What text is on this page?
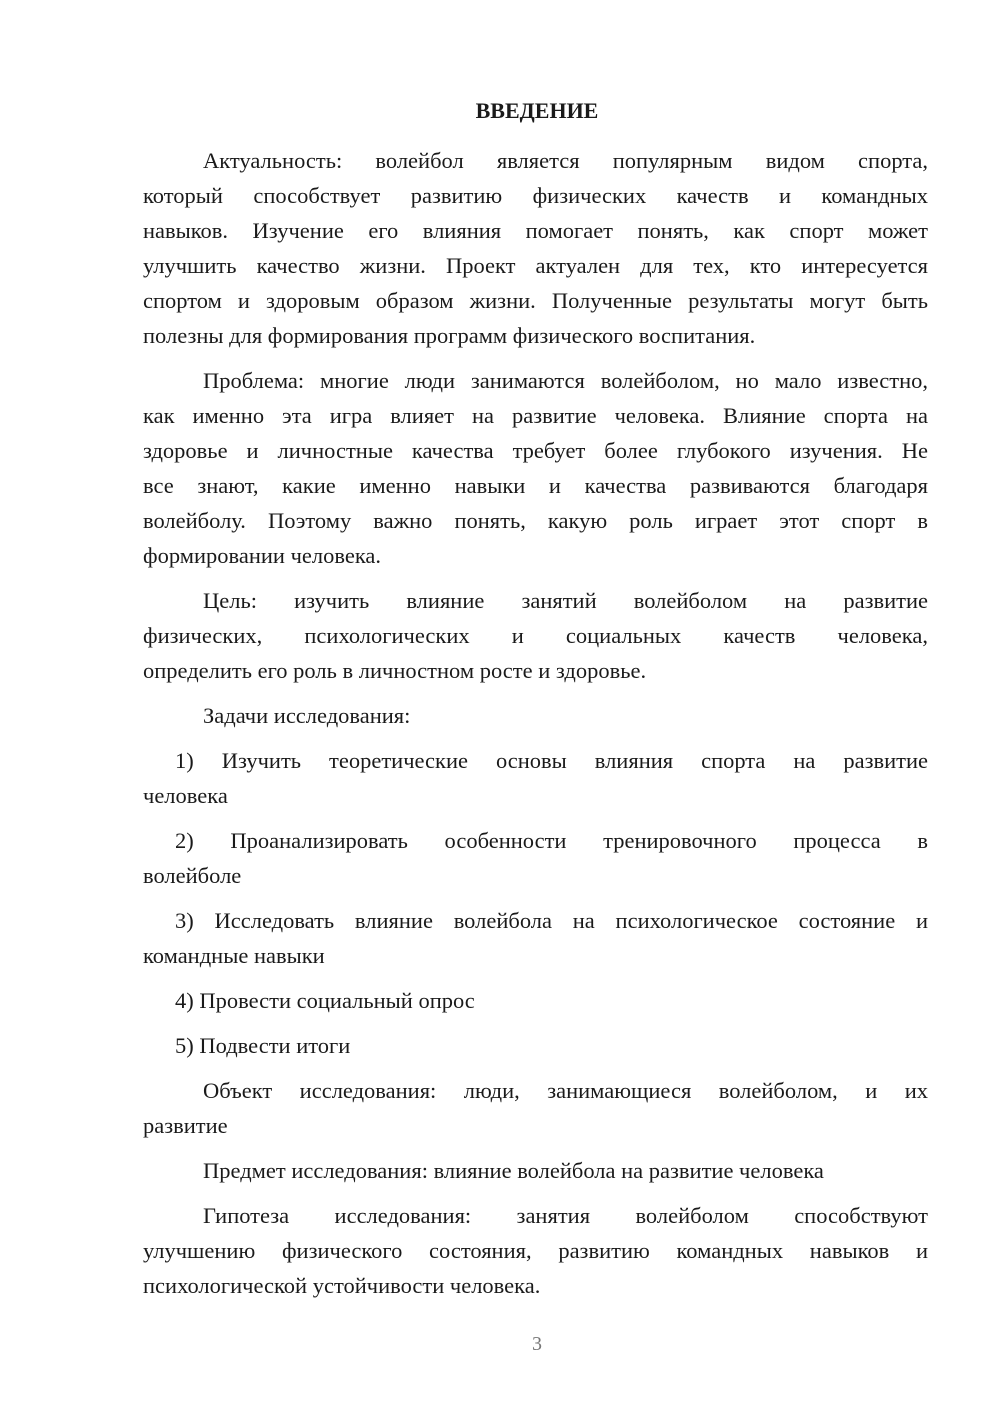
ВВЕДЕНИЕ
Актуальность: волейбол является популярным видом спорта,
который способствует развитию физических качеств и командных
навыков. Изучение его влияния помогает понять, как спорт может
улучшить качество жизни. Проект актуален для тех, кто интересуется
спортом и здоровым образом жизни. Полученные результаты могут быть
полезны для формирования программ физического воспитания.
Проблема: многие люди занимаются волейболом, но мало известно,
как именно эта игра влияет на развитие человека. Влияние спорта на
здоровье и личностные качества требует более глубокого изучения. Не
все знают, какие именно навыки и качества развиваются благодаря
волейболу. Поэтому важно понять, какую роль играет этот спорт в
формировании человека.
Цель: изучить влияние занятий волейболом на развитие
физических, психологических и социальных качеств человека,
определить его роль в личностном росте и здоровье.
Задачи исследования:
1) Изучить теоретические основы влияния спорта на развитие
человека
2) Проанализировать особенности тренировочного процесса в
волейболе
3) Исследовать влияние волейбола на психологическое состояние и
командные навыки
4) Провести социальный опрос
5) Подвести итоги
Объект исследования: люди, занимающиеся волейболом, и их
развитие
Предмет исследования: влияние волейбола на развитие человека
Гипотеза исследования: занятия волейболом способствуют
улучшению физического состояния, развитию командных навыков и
психологической устойчивости человека.
3
